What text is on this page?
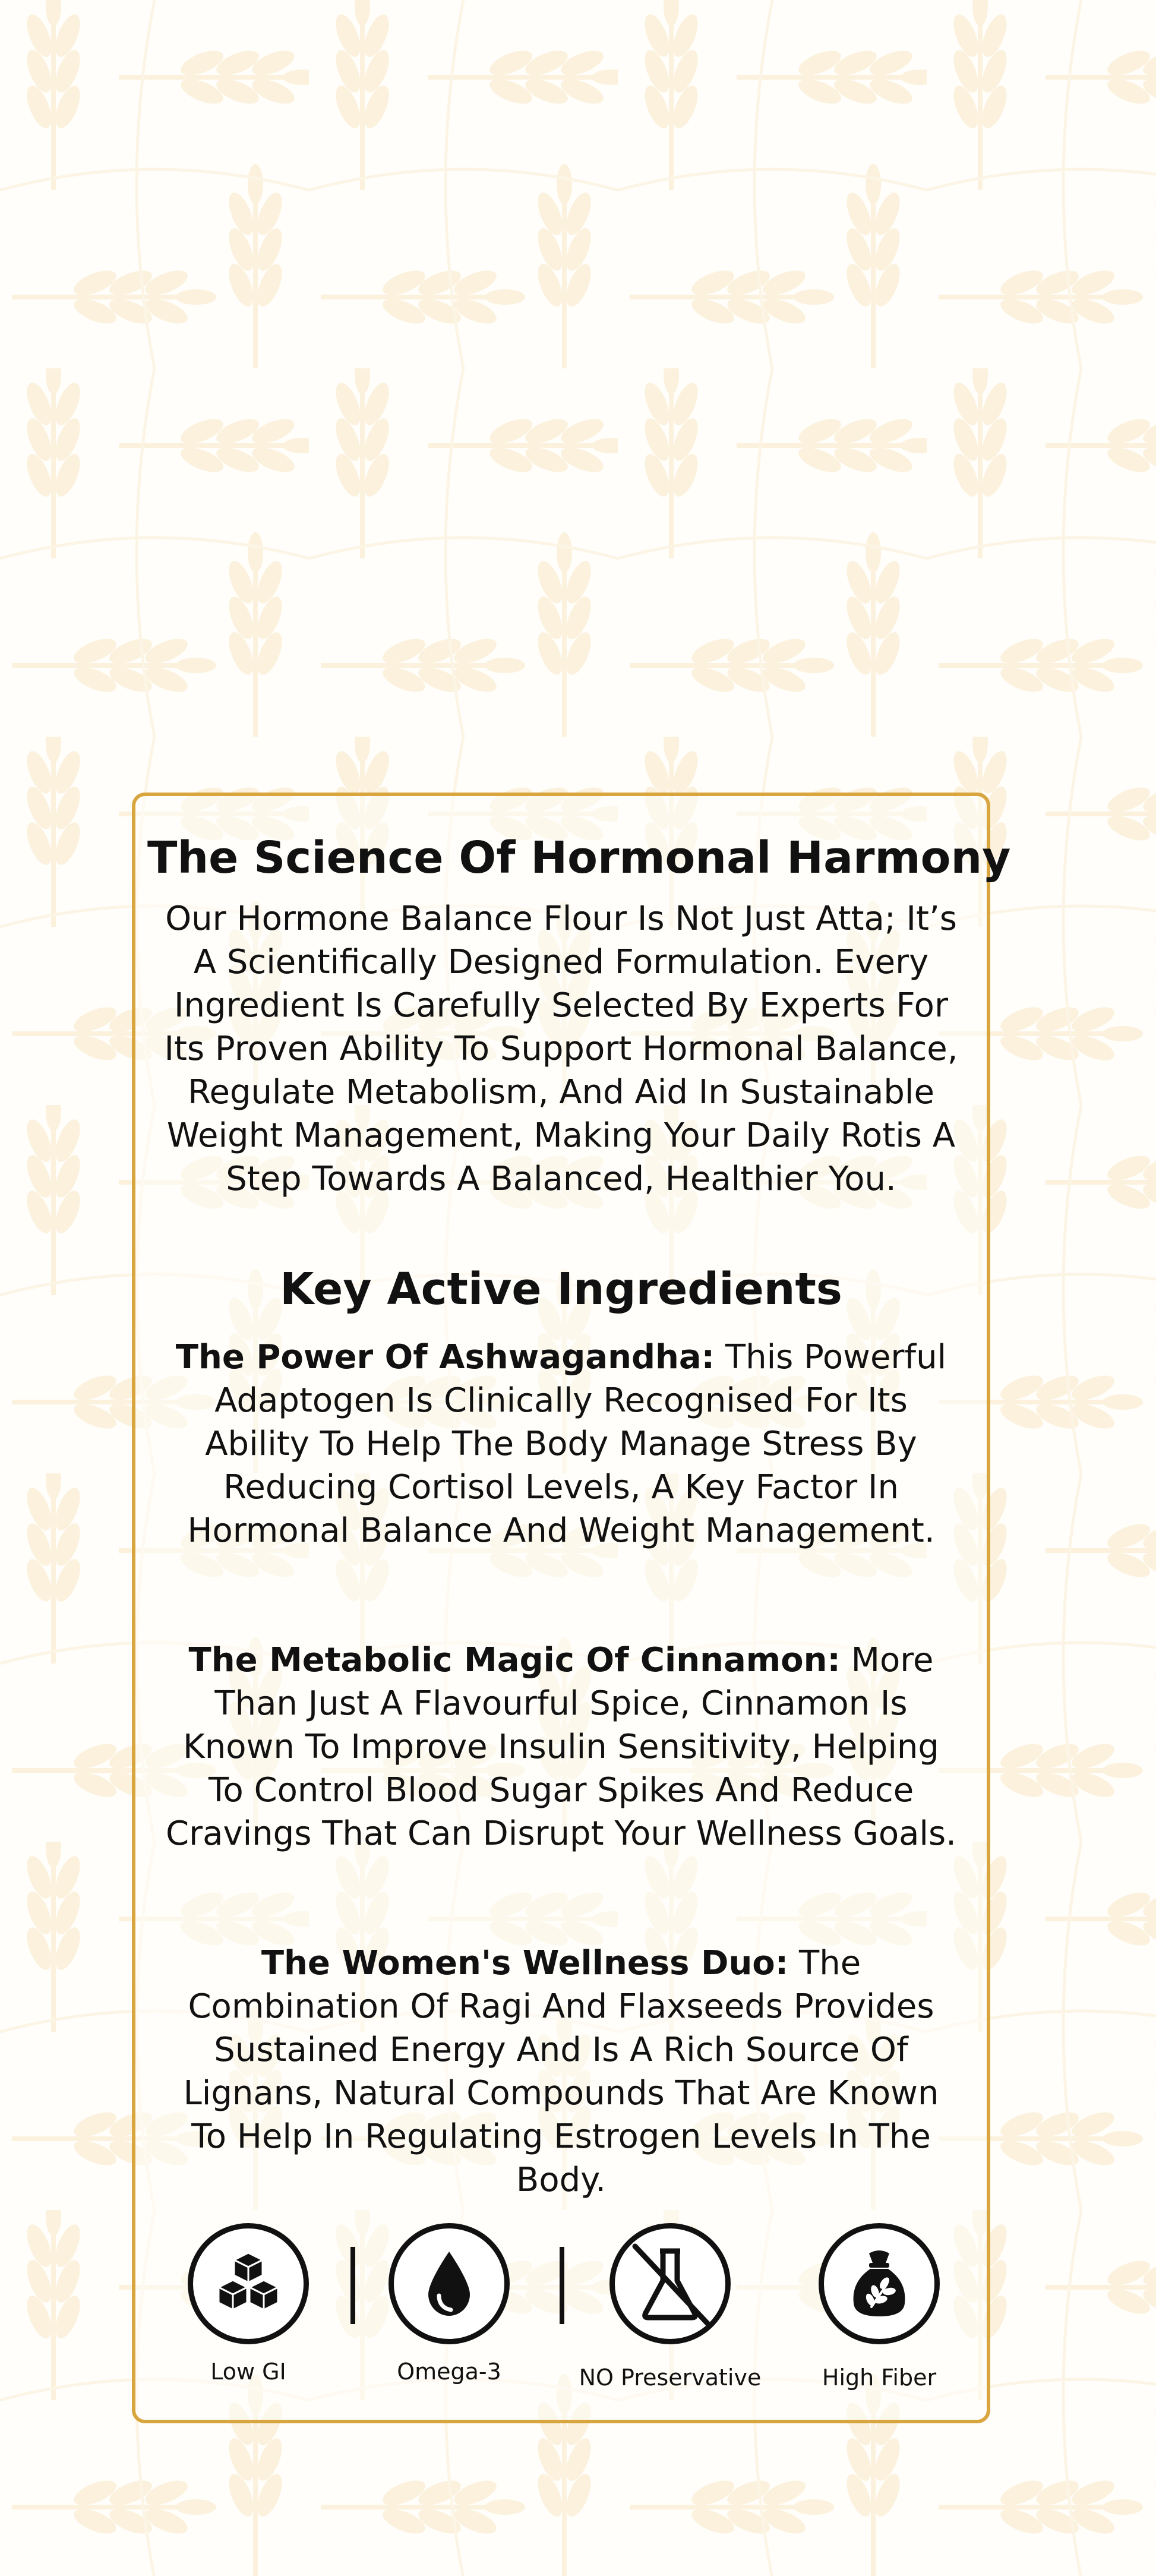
The Science Of Hormonal Harmony

Our Hormone Balance Flour Is Not Just Atta; It’s A Scientifically Designed Formulation. Every Ingredient Is Carefully Selected By Experts For Its Proven Ability To Support Hormonal Balance, Regulate Metabolism, And Aid In Sustainable Weight Management, Making Your Daily Rotis A Step Towards A Balanced, Healthier You.

Key Active Ingredients

The Power Of Ashwagandha: This Powerful Adaptogen Is Clinically Recognised For Its Ability To Help The Body Manage Stress By Reducing Cortisol Levels, A Key Factor In Hormonal Balance And Weight Management.

The Metabolic Magic Of Cinnamon: More Than Just A Flavourful Spice, Cinnamon Is Known To Improve Insulin Sensitivity, Helping To Control Blood Sugar Spikes And Reduce Cravings That Can Disrupt Your Wellness Goals.

The Women's Wellness Duo: The Combination Of Ragi And Flaxseeds Provides Sustained Energy And Is A Rich Source Of Lignans, Natural Compounds That Are Known To Help In Regulating Estrogen Levels In The Body.

Low GI	Omega-3	NO Preservative	High Fiber
